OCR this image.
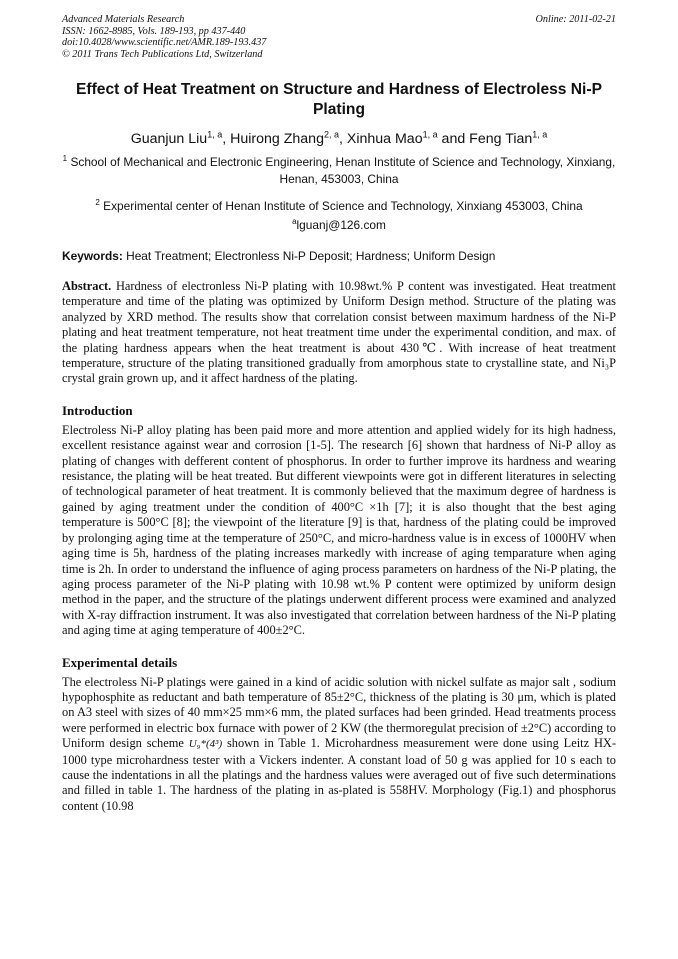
Advanced Materials Research
ISSN: 1662-8985, Vols. 189-193, pp 437-440
doi:10.4028/www.scientific.net/AMR.189-193.437
© 2011 Trans Tech Publications Ltd, Switzerland
Online: 2011-02-21
Effect of Heat Treatment on Structure and Hardness of Electroless Ni-P Plating
Guanjun Liu$^{1, a}$, Huirong Zhang$^{2, a}$, Xinhua Mao$^{1, a}$ and Feng Tian$^{1, a}$
$^1$ School of Mechanical and Electronic Engineering, Henan Institute of Science and Technology, Xinxiang, Henan, 453003, China
$^2$ Experimental center of Henan Institute of Science and Technology, Xinxiang 453003, China
$^a$lguanj@126.com
Keywords: Heat Treatment; Electronless Ni-P Deposit; Hardness; Uniform Design
Abstract. Hardness of electronless Ni-P plating with 10.98wt.% P content was investigated. Heat treatment temperature and time of the plating was optimized by Uniform Design method. Structure of the plating was analyzed by XRD method. The results show that correlation consist between maximum hardness of the Ni-P plating and heat treatment temperature, not heat treatment time under the experimental condition, and max. of the plating hardness appears when the heat treatment is about 430℃. With increase of heat treatment temperature, structure of the plating transitioned gradually from amorphous state to crystalline state, and Ni₃P crystal grain grown up, and it affect hardness of the plating.
Introduction
Electroless Ni-P alloy plating has been paid more and more attention and applied widely for its high hadness, excellent resistance against wear and corrosion [1-5]. The research [6] shown that hardness of Ni-P alloy as plating of changes with defferent content of phosphorus. In order to further improve its hardness and wearing resistance, the plating will be heat treated. But different viewpoints were got in different literatures in selecting of technological parameter of heat treatment. It is commonly believed that the maximum degree of hardness is gained by aging treatment under the condition of 400°C ×1h [7]; it is also thought that the best aging temperature is 500°C [8]; the viewpoint of the literature [9] is that, hardness of the plating could be improved by prolonging aging time at the temperature of 250°C, and micro-hardness value is in excess of 1000HV when aging time is 5h, hardness of the plating increases markedly with increase of aging temparature when aging time is 2h. In order to understand the influence of aging process parameters on hardness of the Ni-P plating, the aging process parameter of the Ni-P plating with 10.98 wt.% P content were optimized by uniform design method in the paper, and the structure of the platings underwent different process were examined and analyzed with X-ray diffraction instrument. It was also investigated that correlation between hardness of the Ni-P plating and aging time at aging temperature of 400±2°C.
Experimental details
The electroless Ni-P platings were gained in a kind of acidic solution with nickel sulfate as major salt , sodium hypophosphite as reductant and bath temperature of 85±2°C, thickness of the plating is 30 μm, which is plated on A3 steel with sizes of 40 mm×25 mm×6 mm, the plated surfaces had been grinded. Head treatments process were performed in electric box furnace with power of 2 KW (the thermoregulat precision of ±2°C) according to Uniform design scheme U₉*(4³) shown in Table 1. Microhardness measurement were done using Leitz HX-1000 type microhardness tester with a Vickers indenter. A constant load of 50 g was applied for 10 s each to cause the indentations in all the platings and the hardness values were averaged out of five such determinations and filled in table 1. The hardness of the plating in as-plated is 558HV. Morphology (Fig.1) and phosphorus content (10.98
